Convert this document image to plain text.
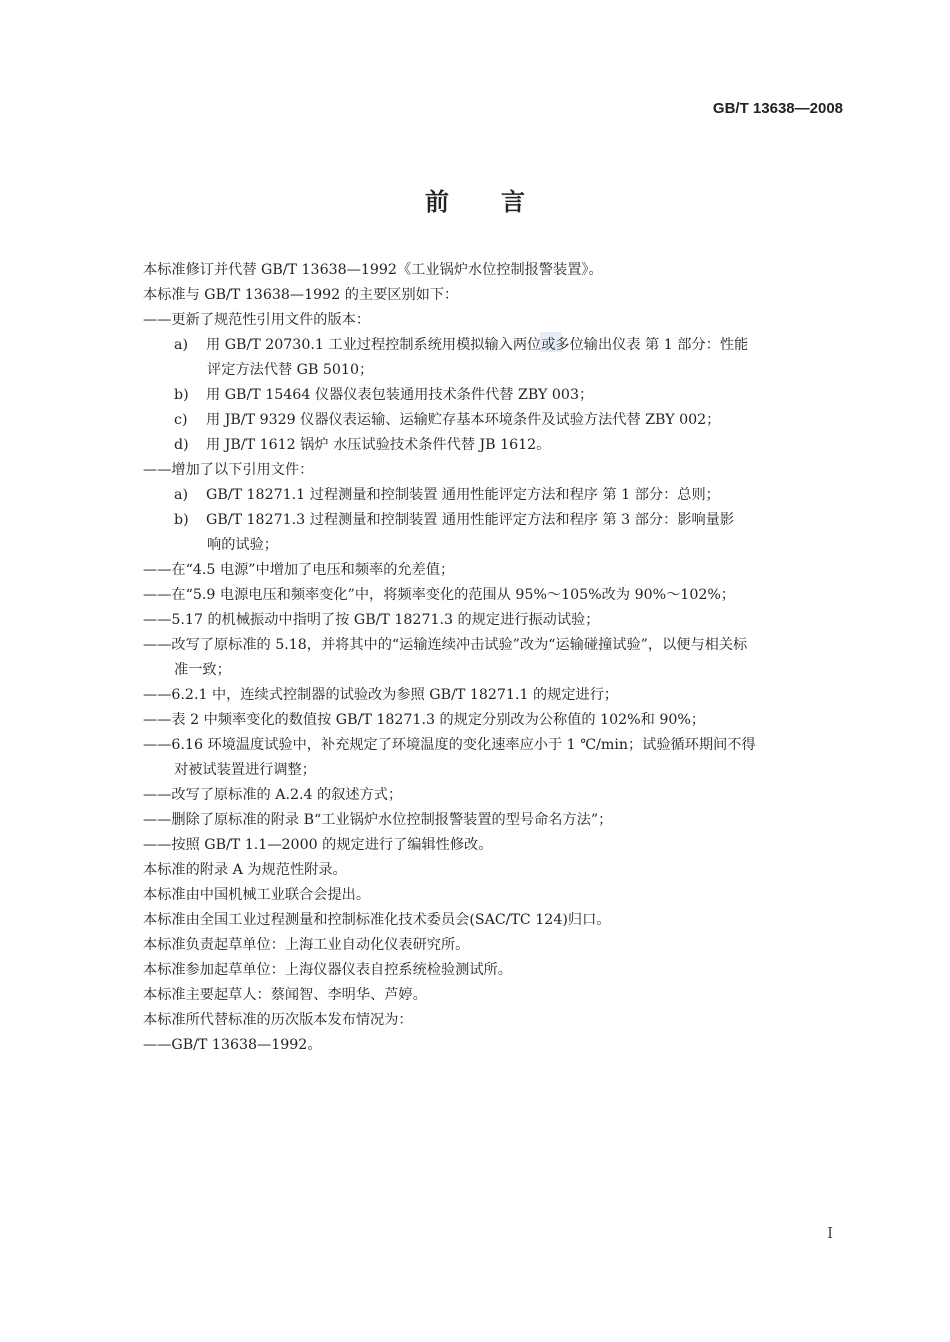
GB/T 13638—2008
前言
本标准修订并代替 GB/T 13638—1992《工业锅炉水位控制报警装置》。
本标准与 GB/T 13638—1992 的主要区别如下：
——更新了规范性引用文件的版本：
a) 用 GB/T 20730.1 工业过程控制系统用模拟输入两位或多位输出仪表 第 1 部分：性能
评定方法代替 GB 5010；
b) 用 GB/T 15464 仪器仪表包装通用技术条件代替 ZBY 003；
c) 用 JB/T 9329 仪器仪表运输、运输贮存基本环境条件及试验方法代替 ZBY 002；
d) 用 JB/T 1612 锅炉 水压试验技术条件代替 JB 1612。
——增加了以下引用文件：
a) GB/T 18271.1 过程测量和控制装置 通用性能评定方法和程序 第 1 部分：总则；
b) GB/T 18271.3 过程测量和控制装置 通用性能评定方法和程序 第 3 部分：影响量影
响的试验；
——在“4.5 电源”中增加了电压和频率的允差值；
——在“5.9 电源电压和频率变化”中，将频率变化的范围从 95%～105%改为 90%～102%；
——5.17 的机械振动中指明了按 GB/T 18271.3 的规定进行振动试验；
——改写了原标准的 5.18，并将其中的“运输连续冲击试验”改为“运输碰撞试验”，以便与相关标
准一致；
——6.2.1 中，连续式控制器的试验改为参照 GB/T 18271.1 的规定进行；
——表 2 中频率变化的数值按 GB/T 18271.3 的规定分别改为公称值的 102%和 90%；
——6.16 环境温度试验中，补充规定了环境温度的变化速率应小于 1 ℃/min；试验循环期间不得
对被试装置进行调整；
——改写了原标准的 A.2.4 的叙述方式；
——删除了原标准的附录 B“工业锅炉水位控制报警装置的型号命名方法”；
——按照 GB/T 1.1—2000 的规定进行了编辑性修改。
本标准的附录 A 为规范性附录。
本标准由中国机械工业联合会提出。
本标准由全国工业过程测量和控制标准化技术委员会(SAC/TC 124)归口。
本标准负责起草单位：上海工业自动化仪表研究所。
本标准参加起草单位：上海仪器仪表自控系统检验测试所。
本标准主要起草人：蔡闻智、李明华、芦婷。
本标准所代替标准的历次版本发布情况为：
——GB/T 13638—1992。
I
